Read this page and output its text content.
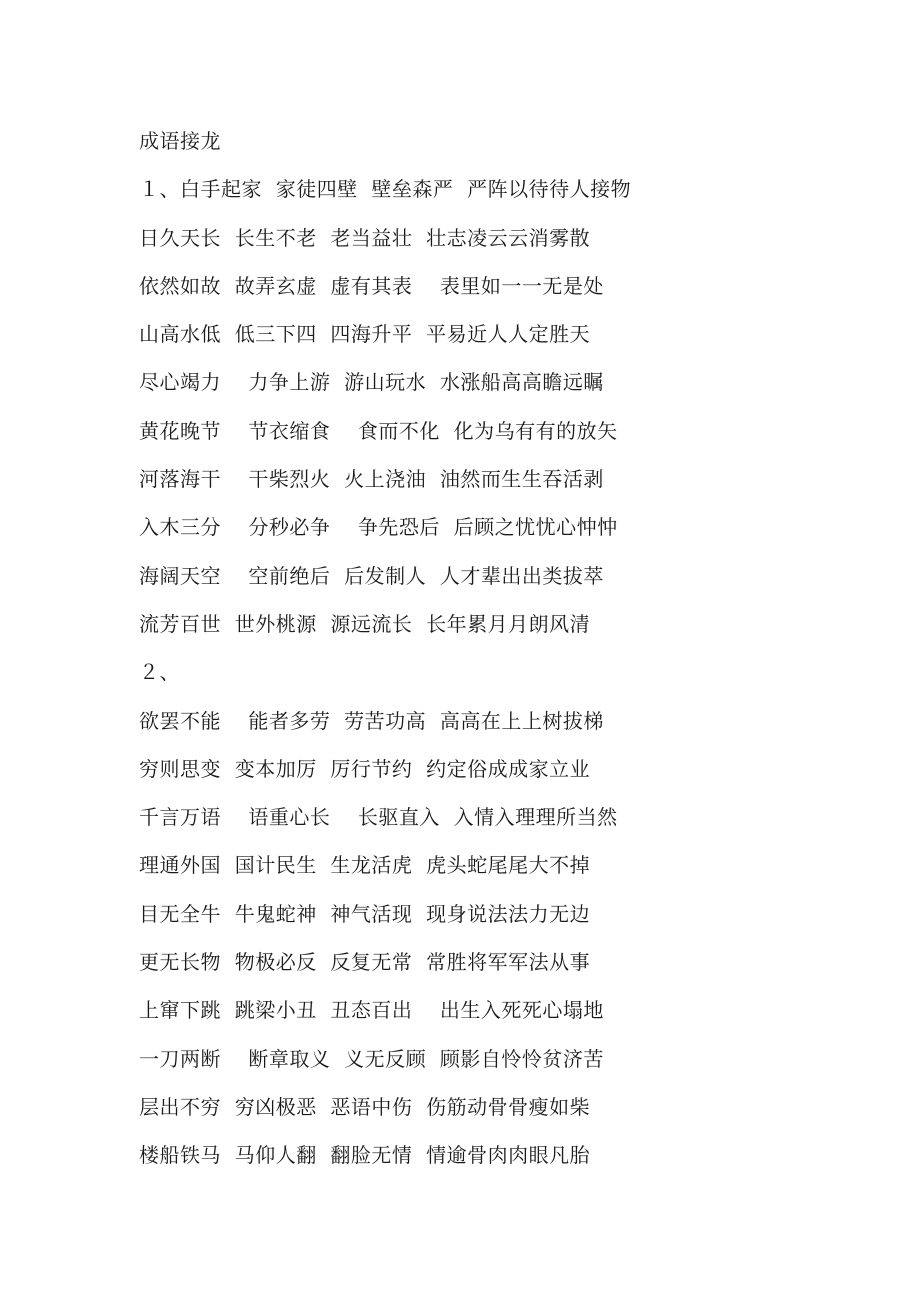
成语接龙
１、白手起家  家徒四壁  壁垒森严  严阵以待待人接物
日久天长  长生不老  老当益壮  壮志凌云云消雾散
依然如故  故弄玄虚  虚有其表    表里如一一无是处
山高水低  低三下四  四海升平  平易近人人定胜天
尽心竭力    力争上游  游山玩水  水涨船高高瞻远瞩
黄花晚节    节衣缩食    食而不化  化为乌有有的放矢
河落海干    干柴烈火  火上浇油  油然而生生吞活剥
入木三分    分秒必争    争先恐后  后顾之忧忧心忡忡
海阔天空    空前绝后  后发制人  人才辈出出类拔萃
流芳百世  世外桃源  源远流长  长年累月月朗风清
２、
欲罢不能    能者多劳  劳苦功高  高高在上上树拔梯
穷则思变  变本加厉  厉行节约  约定俗成成家立业
千言万语    语重心长    长驱直入  入情入理理所当然
理通外国  国计民生  生龙活虎  虎头蛇尾尾大不掉
目无全牛  牛鬼蛇神  神气活现  现身说法法力无边
更无长物  物极必反  反复无常  常胜将军军法从事
上窜下跳  跳梁小丑  丑态百出    出生入死死心塌地
一刀两断    断章取义  义无反顾  顾影自怜怜贫济苦
层出不穷  穷凶极恶  恶语中伤  伤筋动骨骨瘦如柴
楼船铁马  马仰人翻  翻脸无情  情逾骨肉肉眼凡胎
